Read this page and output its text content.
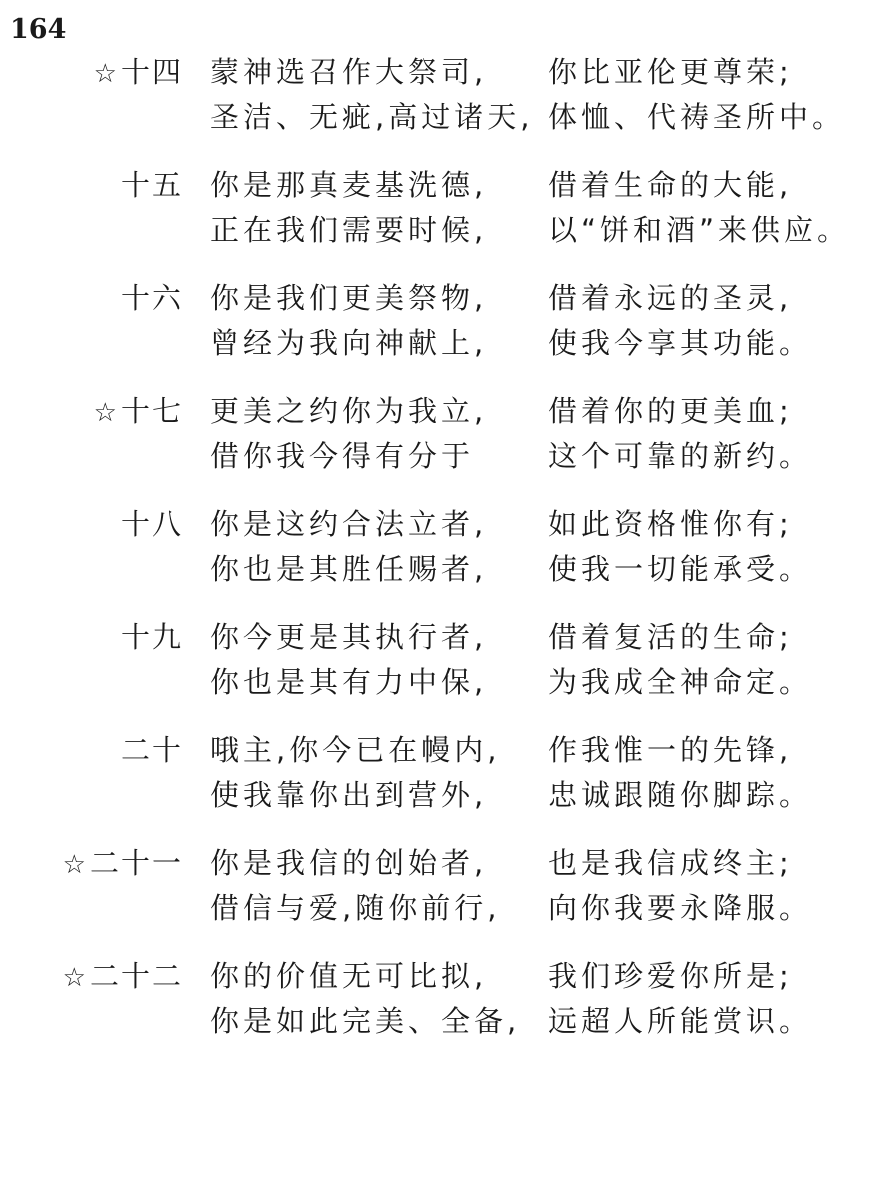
164
☆十四 蒙神选召作大祭司, 你比亚伦更尊荣;
圣洁、无疵,高过诸天, 体恤、代祷圣所中。
十五 你是那真麦基洗德, 借着生命的大能,
正在我们需要时候, 以“饼和酒”来供应。
十六 你是我们更美祭物, 借着永远的圣灵,
曾经为我向神献上, 使我今享其功能。
☆十七 更美之约你为我立, 借着你的更美血;
借你我今得有分于	这个可靠的新约。
十八 你是这约合法立者, 如此资格惟你有;
你也是其胜任赐者, 使我一切能承受。
十九 你今更是其执行者, 借着复活的生命;
你也是其有力中保, 为我成全神命定。
二十 哦主,你今已在幔内, 作我惟一的先锋,
使我靠你出到营外, 忠诚跟随你脚踪。
☆二十一 你是我信的创始者, 也是我信成终主;
借信与爱,随你前行, 向你我要永降服。
☆二十二 你的价值无可比拟, 我们珍爱你所是;
你是如此完美、全备, 远超人所能赏识。
